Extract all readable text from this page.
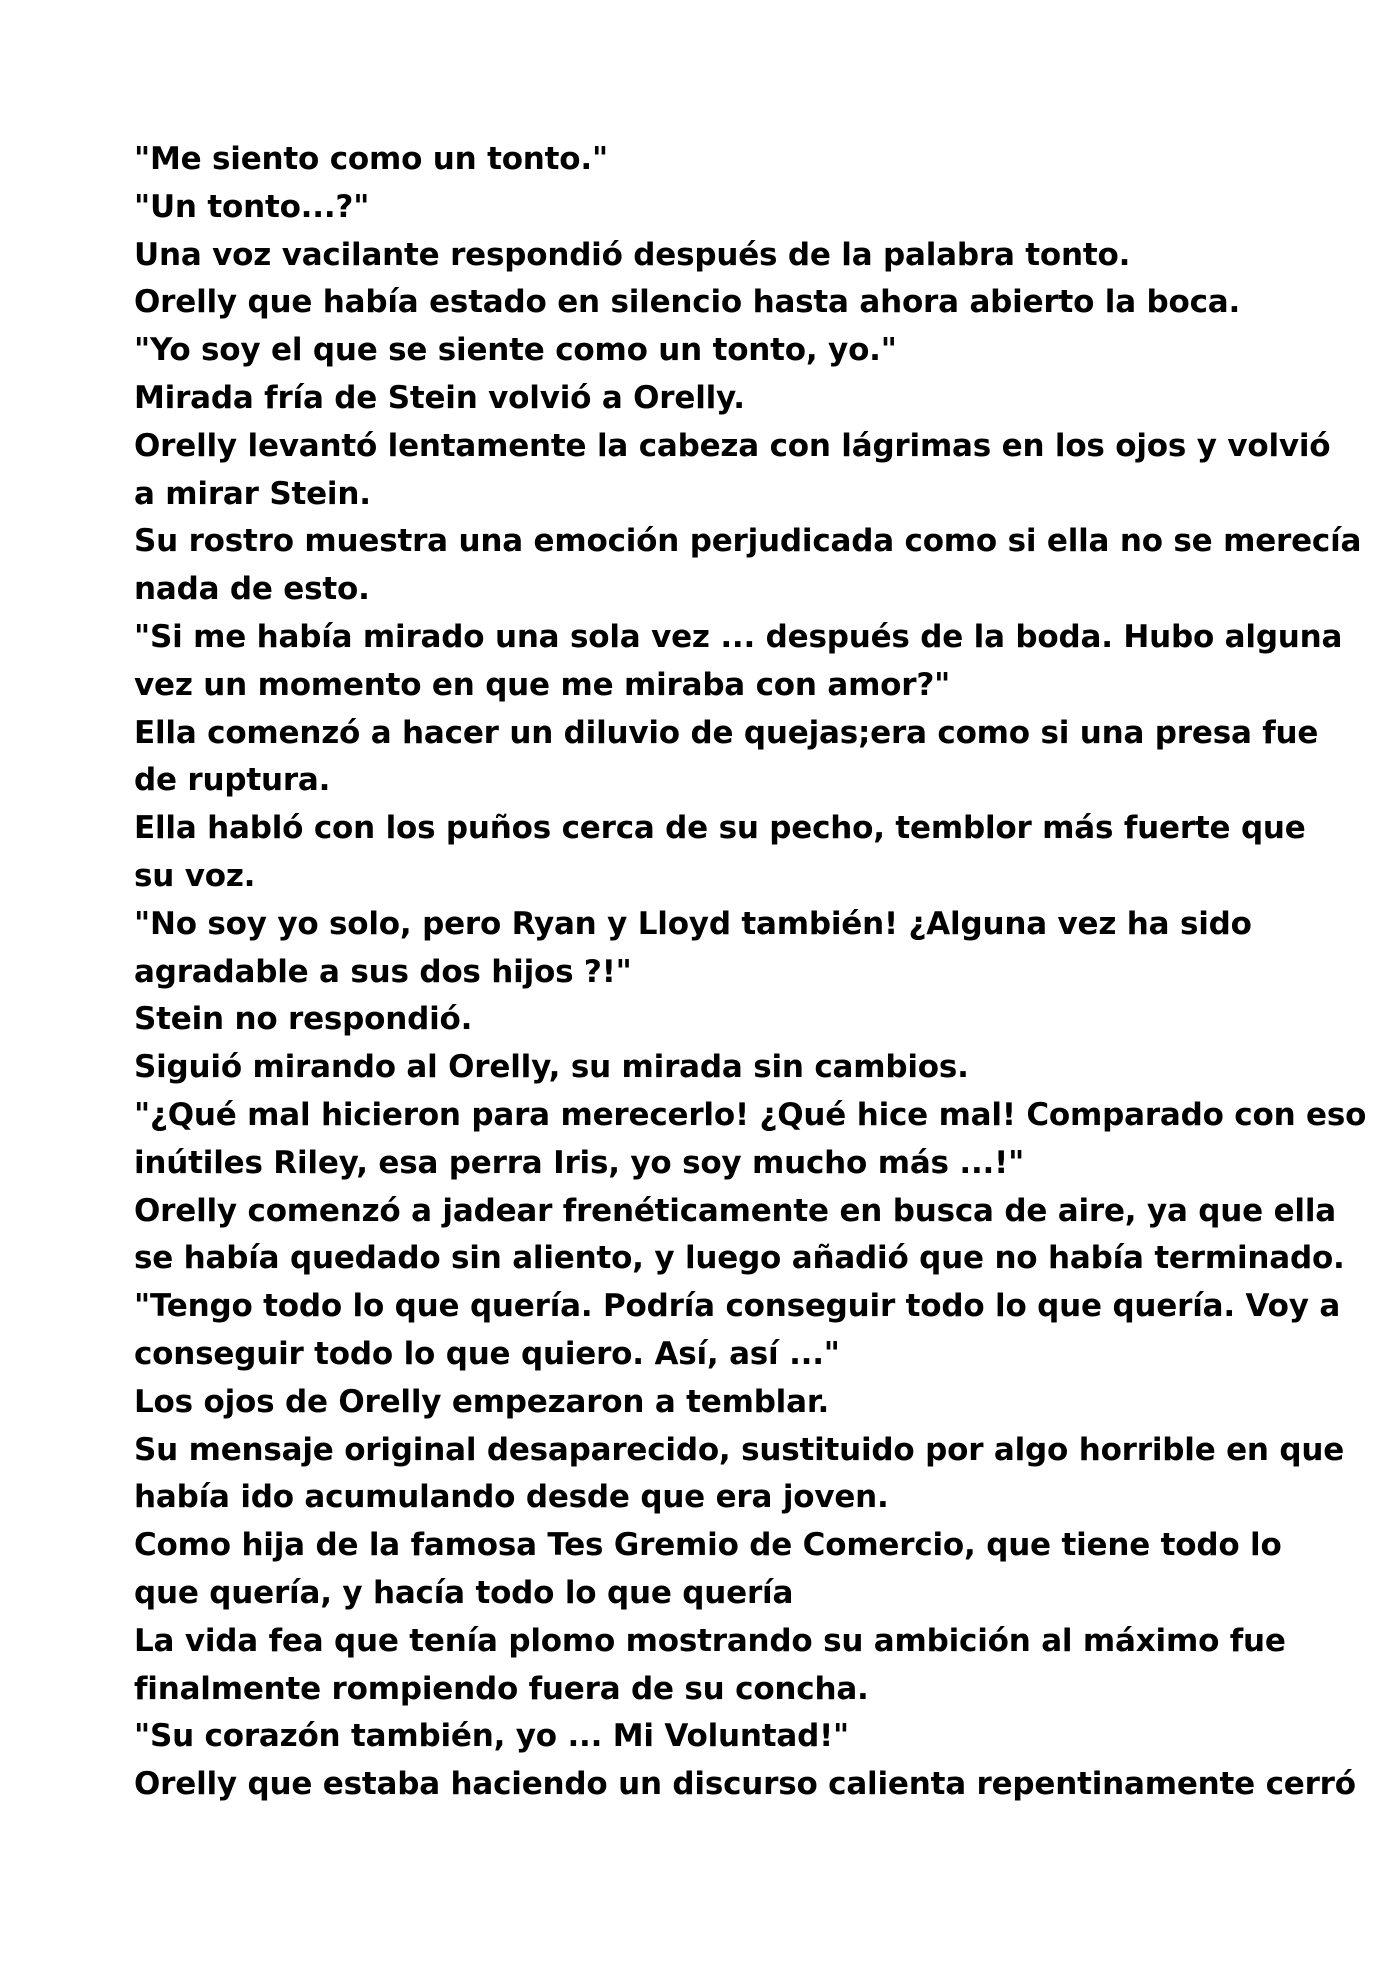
"Me siento como un tonto."
"Un tonto...?"
Una voz vacilante respondió después de la palabra tonto.
Orelly que había estado en silencio hasta ahora abierto la boca.
"Yo soy el que se siente como un tonto, yo."
Mirada fría de Stein volvió a Orelly.
Orelly levantó lentamente la cabeza con lágrimas en los ojos y volvió
a mirar Stein.
Su rostro muestra una emoción perjudicada como si ella no se merecía
nada de esto.
"Si me había mirado una sola vez ... después de la boda. Hubo alguna
vez un momento en que me miraba con amor?"
Ella comenzó a hacer un diluvio de quejas;era como si una presa fue
de ruptura.
Ella habló con los puños cerca de su pecho, temblor más fuerte que
su voz.
"No soy yo solo, pero Ryan y Lloyd también! ¿Alguna vez ha sido
agradable a sus dos hijos ?!"
Stein no respondió.
Siguió mirando al Orelly, su mirada sin cambios.
"¿Qué mal hicieron para merecerlo! ¿Qué hice mal! Comparado con eso
inútiles Riley, esa perra Iris, yo soy mucho más ...!"
Orelly comenzó a jadear frenéticamente en busca de aire, ya que ella
se había quedado sin aliento, y luego añadió que no había terminado.
"Tengo todo lo que quería. Podría conseguir todo lo que quería. Voy a
conseguir todo lo que quiero. Así, así ..."
Los ojos de Orelly empezaron a temblar.
Su mensaje original desaparecido, sustituido por algo horrible en que
había ido acumulando desde que era joven.
Como hija de la famosa Tes Gremio de Comercio, que tiene todo lo
que quería, y hacía todo lo que quería
La vida fea que tenía plomo mostrando su ambición al máximo fue
finalmente rompiendo fuera de su concha.
"Su corazón también, yo ... Mi Voluntad!"
Orelly que estaba haciendo un discurso calienta repentinamente cerró
